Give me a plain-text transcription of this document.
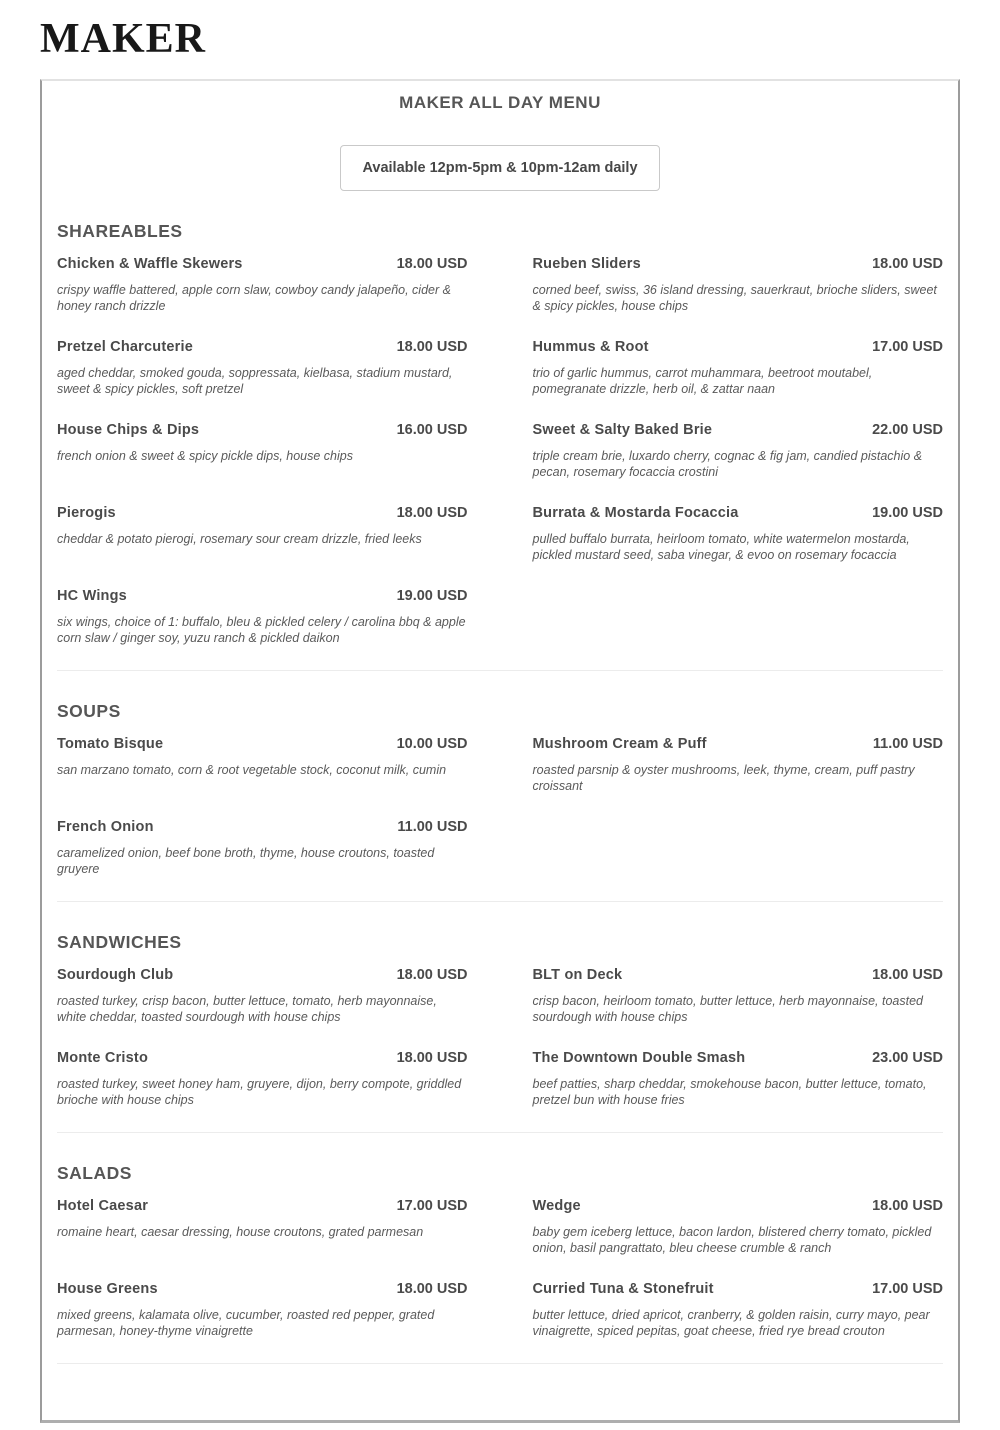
MAKER
MAKER ALL DAY MENU
Available 12pm-5pm & 10pm-12am daily
SHAREABLES
Chicken & Waffle Skewers	18.00 USD
crispy waffle battered, apple corn slaw, cowboy candy jalapeño, cider & honey ranch drizzle
Rueben Sliders	18.00 USD
corned beef, swiss, 36 island dressing, sauerkraut, brioche sliders, sweet & spicy pickles, house chips
Pretzel Charcuterie	18.00 USD
aged cheddar, smoked gouda, soppressata, kielbasa, stadium mustard, sweet & spicy pickles, soft pretzel
Hummus & Root	17.00 USD
trio of garlic hummus, carrot muhammara, beetroot moutabel, pomegranate drizzle, herb oil, & zattar naan
House Chips & Dips	16.00 USD
french onion & sweet & spicy pickle dips, house chips
Sweet & Salty Baked Brie	22.00 USD
triple cream brie, luxardo cherry, cognac & fig jam, candied pistachio & pecan, rosemary focaccia crostini
Pierogis	18.00 USD
cheddar & potato pierogi, rosemary sour cream drizzle, fried leeks
Burrata & Mostarda Focaccia	19.00 USD
pulled buffalo burrata, heirloom tomato, white watermelon mostarda, pickled mustard seed, saba vinegar, & evoo on rosemary focaccia
HC Wings	19.00 USD
six wings, choice of 1: buffalo, bleu & pickled celery / carolina bbq & apple corn slaw / ginger soy, yuzu ranch & pickled daikon
SOUPS
Tomato Bisque	10.00 USD
san marzano tomato, corn & root vegetable stock, coconut milk, cumin
Mushroom Cream & Puff	11.00 USD
roasted parsnip & oyster mushrooms, leek, thyme, cream, puff pastry croissant
French Onion	11.00 USD
caramelized onion, beef bone broth, thyme, house croutons, toasted gruyere
SANDWICHES
Sourdough Club	18.00 USD
roasted turkey, crisp bacon, butter lettuce, tomato, herb mayonnaise, white cheddar, toasted sourdough with house chips
BLT on Deck	18.00 USD
crisp bacon, heirloom tomato, butter lettuce, herb mayonnaise, toasted sourdough with house chips
Monte Cristo	18.00 USD
roasted turkey, sweet honey ham, gruyere, dijon, berry compote, griddled brioche with house chips
The Downtown Double Smash	23.00 USD
beef patties, sharp cheddar, smokehouse bacon, butter lettuce, tomato, pretzel bun with house fries
SALADS
Hotel Caesar	17.00 USD
romaine heart, caesar dressing, house croutons, grated parmesan
Wedge	18.00 USD
baby gem iceberg lettuce, bacon lardon, blistered cherry tomato, pickled onion, basil pangrattato, bleu cheese crumble & ranch
House Greens	18.00 USD
mixed greens, kalamata olive, cucumber, roasted red pepper, grated parmesan, honey-thyme vinaigrette
Curried Tuna & Stonefruit	17.00 USD
butter lettuce, dried apricot, cranberry, & golden raisin, curry mayo, pear vinaigrette, spiced pepitas, goat cheese, fried rye bread crouton
